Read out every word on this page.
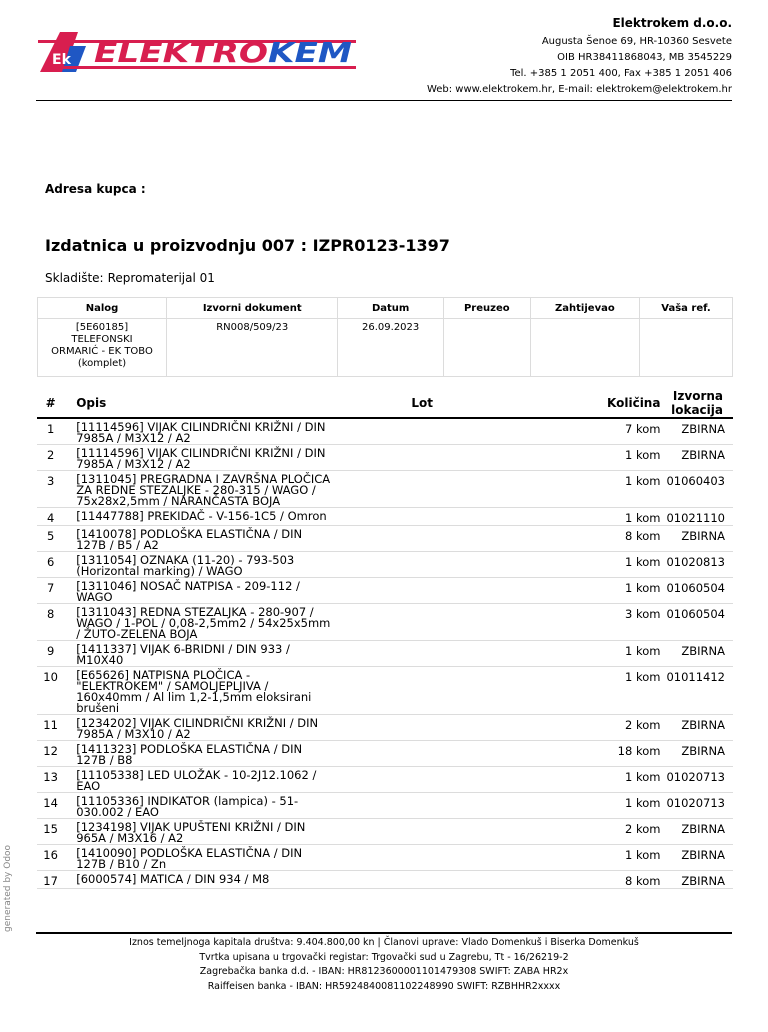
Ek ELEKTRO KEM
Elektrokem d.o.o.
Augusta Šenoe 69, HR-10360 Sesvete
OIB HR38411868043, MB 3545229
Tel. +385 1 2051 400, Fax +385 1 2051 406
Web: www.elektrokem.hr, E-mail: elektrokem@elektrokem.hr
Adresa kupca :
Izdatnica u proizvodnju 007 : IZPR0123-1397
Skladište: Repromaterijal 01
Nalog	Izvorni dokument	Datum	Preuzeo	Zahtijevao	Vaša ref.

[5E60185]
TELEFONSKI
ORMARIĆ - EK TOBO
(komplet)	RN008/509/23	26.09.2023			
#	Opis	Lot	Količina	Izvorna lokacija
1	[11114596] VIJAK CILINDRIČNI KRIŽNI / DIN 7985A / M3X12 / A2		7 kom	ZBIRNA
2	[11114596] VIJAK CILINDRIČNI KRIŽNI / DIN 7985A / M3X12 / A2		1 kom	ZBIRNA
3	[1311045] PREGRADNA I ZAVRŠNA PLOČICA ZA REDNE STEZALJKE - 280-315 / WAGO / 75x28x2,5mm / NARANČASTA BOJA		1 kom	01060403
4	[11447788] PREKIDAČ - V-156-1C5 / Omron		1 kom	01021110
5	[1410078] PODLOŠKA ELASTIČNA / DIN 127B / B5 / A2		8 kom	ZBIRNA
6	[1311054] OZNAKA (11-20) - 793-503 (Horizontal marking) / WAGO		1 kom	01020813
7	[1311046] NOSAČ NATPISA - 209-112 / WAGO		1 kom	01060504
8	[1311043] REDNA STEZALJKA - 280-907 / WAGO / 1-POL / 0,08-2,5mm2 / 54x25x5mm / ŽUTO-ZELENA BOJA		3 kom	01060504
9	[1411337] VIJAK 6-BRIDNI / DIN 933 / M10X40		1 kom	ZBIRNA
10	[E65626] NATPISNA PLOČICA - "ELEKTROKEM" / SAMOLJEPLJIVA / 160x40mm / Al lim 1,2-1,5mm eloksirani brušeni		1 kom	01011412
11	[1234202] VIJAK CILINDRIČNI KRIŽNI / DIN 7985A / M3X10 / A2		2 kom	ZBIRNA
12	[1411323] PODLOŠKA ELASTIČNA / DIN 127B / B8		18 kom	ZBIRNA
13	[11105338] LED ULOŽAK - 10-2J12.1062 / EAO		1 kom	01020713
14	[11105336] INDIKATOR (lampica) - 51-030.002 / EAO		1 kom	01020713
15	[1234198] VIJAK UPUŠTENI KRIŽNI / DIN 965A / M3X16 / A2		2 kom	ZBIRNA
16	[1410090] PODLOŠKA ELASTIČNA / DIN 127B / B10 / Zn		1 kom	ZBIRNA
17	[6000574] MATICA / DIN 934 / M8		8 kom	ZBIRNA
generated by Odoo
Iznos temeljnoga kapitala društva: 9.404.800,00 kn | Članovi uprave: Vlado Domenkuš i Biserka Domenkuš
Tvrtka upisana u trgovački registar: Trgovački sud u Zagrebu, Tt - 16/26219-2
Zagrebačka banka d.d. - IBAN: HR8123600001101479308 SWIFT: ZABA HR2x
Raiffeisen banka - IBAN: HR5924840081102248990 SWIFT: RZBHHR2xxxx
